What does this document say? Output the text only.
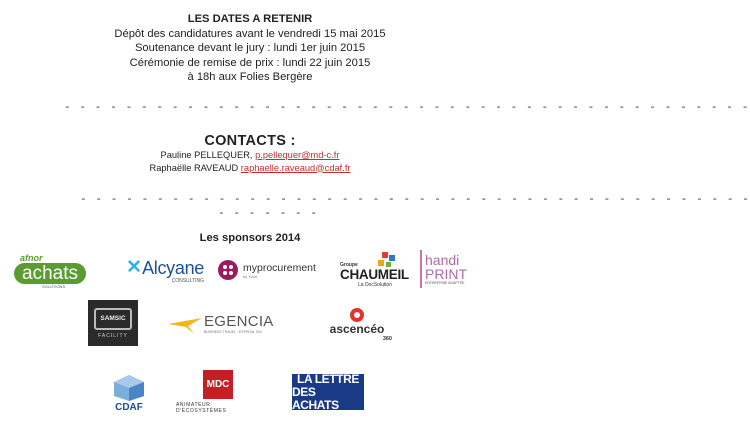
LES DATES A RETENIR
Dépôt des candidatures avant le vendredi 15 mai 2015
Soutenance devant le jury : lundi 1er juin 2015
Cérémonie de remise de prix : lundi 22 juin 2015
à 18h aux Folies Bergère
- - - - - - - - - - - - - - - - - - - - - - - - - - - - - - - - - - - - - - - - - - - - -
CONTACTS :
Pauline PELLEQUER, p.pellequer@md-c.fr
Raphaëlle RAVEAUD raphaelle.raveaud@cdaf.fr
- - - - - - - - - - - - - - - - - - - - - - - - - - - - - - - - - - - - - - - - - - - -
- - - - - - -
Les sponsors 2014
afnor
achats
SOLUTIONS
✕ Alcyane
CONSULTING
myprocurement
by Yvon
Groupe
CHAUMEIL
La DocSolution
handi
PRINT
ENTREPRISE ADAPTÉE
SAMSIC
FACILITY
EGENCIA
BUSINESS TRAVEL · EXPEDIA, INC.	ascencéo
360
CDAF
MDC
ANIMATEUR D'ÉCOSYSTÈMES
LA LETTRE
DES ACHATS
